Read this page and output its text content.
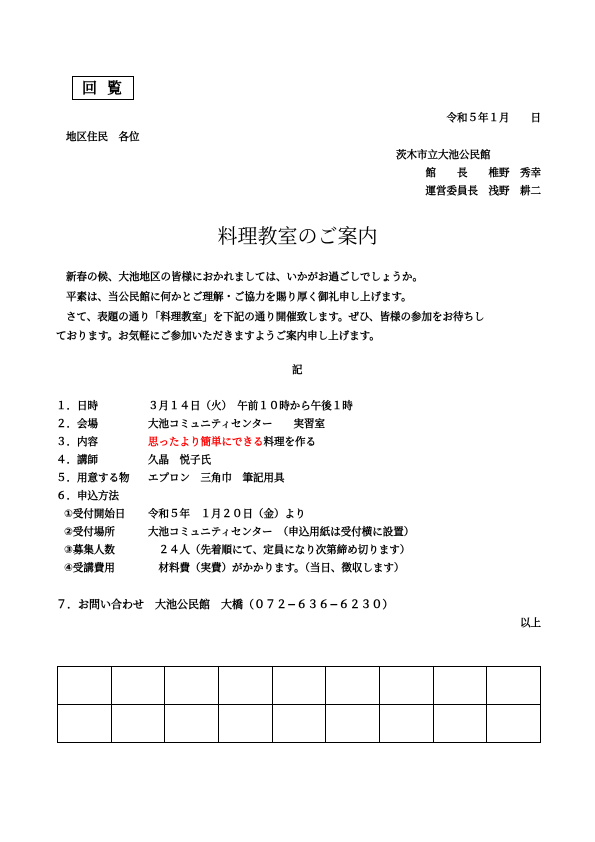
回覧
令和５年１月　　日
地区住民　各位
茨木市立大池公民館
館　　長　　椎野　秀幸
運営委員長　浅野　耕二
料理教室のご案内
新春の候、大池地区の皆様におかれましては、いかがお過ごしでしょうか。
平素は、当公民館に何かとご理解・ご協力を賜り厚く御礼申し上げます。
さて、表題の通り「料理教室」を下記の通り開催致します。ぜひ、皆様の参加をお待ちし
ております。お気軽にご参加いただきますようご案内申し上げます。
記
１．日時	３月１４日（火）　午前１０時から午後１時
２．会場	大池コミュニティセンター　　実習室
３．内容	思ったより簡単にできる料理を作る
４．講師	久晶　悦子氏
５．用意する物 エプロン　三角巾　筆記用具
６．申込方法
①受付開始日 令和５年　１月２０日（金）より
②受付場所	大池コミュニティセンター　（申込用紙は受付横に設置）
③募集人数	　２４人（先着順にて、定員になり次第締め切ります）
④受講費用	　材料費（実費）がかかります。（当日、徴収します）
７．お問い合わせ　大池公民館　大橋（０７２−６３６−６２３０）
以上
